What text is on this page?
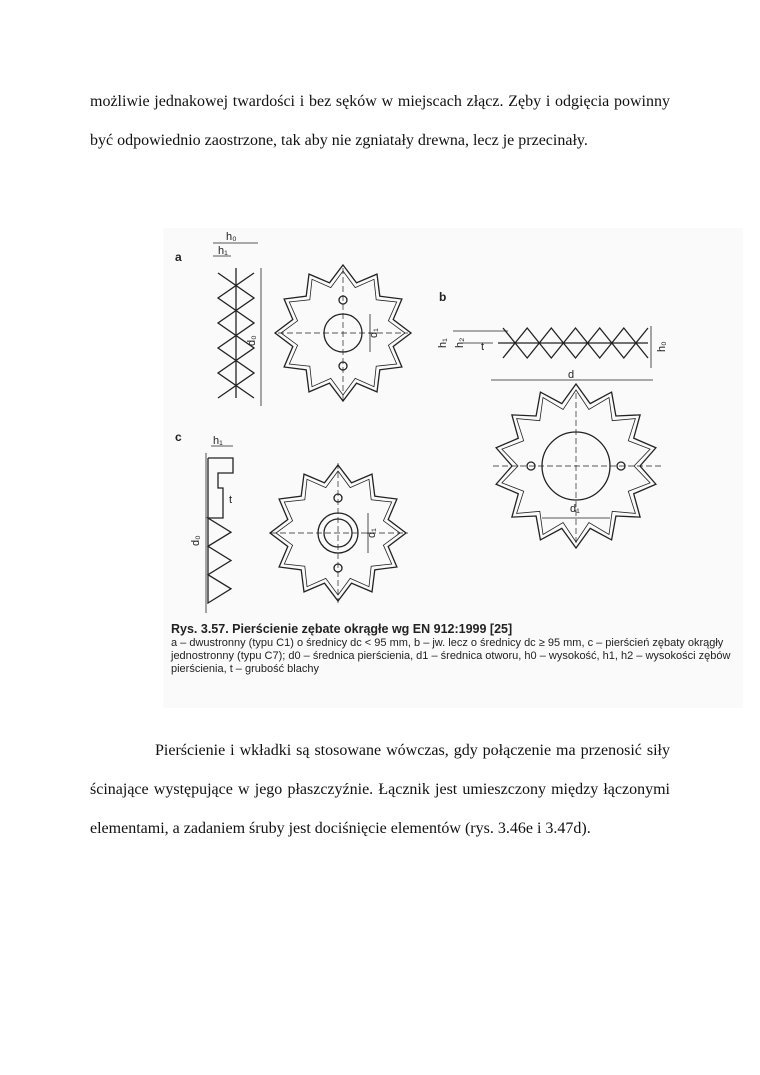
możliwie jednakowej twardości i bez sęków w miejscach złącz. Zęby i odgięcia powinny być odpowiednio zaostrzone, tak aby nie zgniatały drewna, lecz je przecinały.

a
b
c
h₀
h₁
d₀
d₁
h₁ h₂ t	h₀
d
d₁
h₁
t
d₀
d₁
Rys. 3.57. Pierścienie zębate okrągłe wg EN 912:1999 [25]
a – dwustronny (typu C1) o średnicy dc < 95 mm, b – jw. lecz o średnicy dc ≥ 95 mm, c – pierścień zębaty okrągły jednostronny (typu C7); d0 – średnica pierścienia, d1 – średnica otworu, h0 – wysokość, h1, h2 – wysokości zębów pierścienia, t – grubość blachy

Pierścienie i wkładki są stosowane wówczas, gdy połączenie ma przenosić siły ścinające występujące w jego płaszczyźnie. Łącznik jest umieszczony między łączonymi elementami, a zadaniem śruby jest dociśnięcie elementów (rys. 3.46e i 3.47d).
